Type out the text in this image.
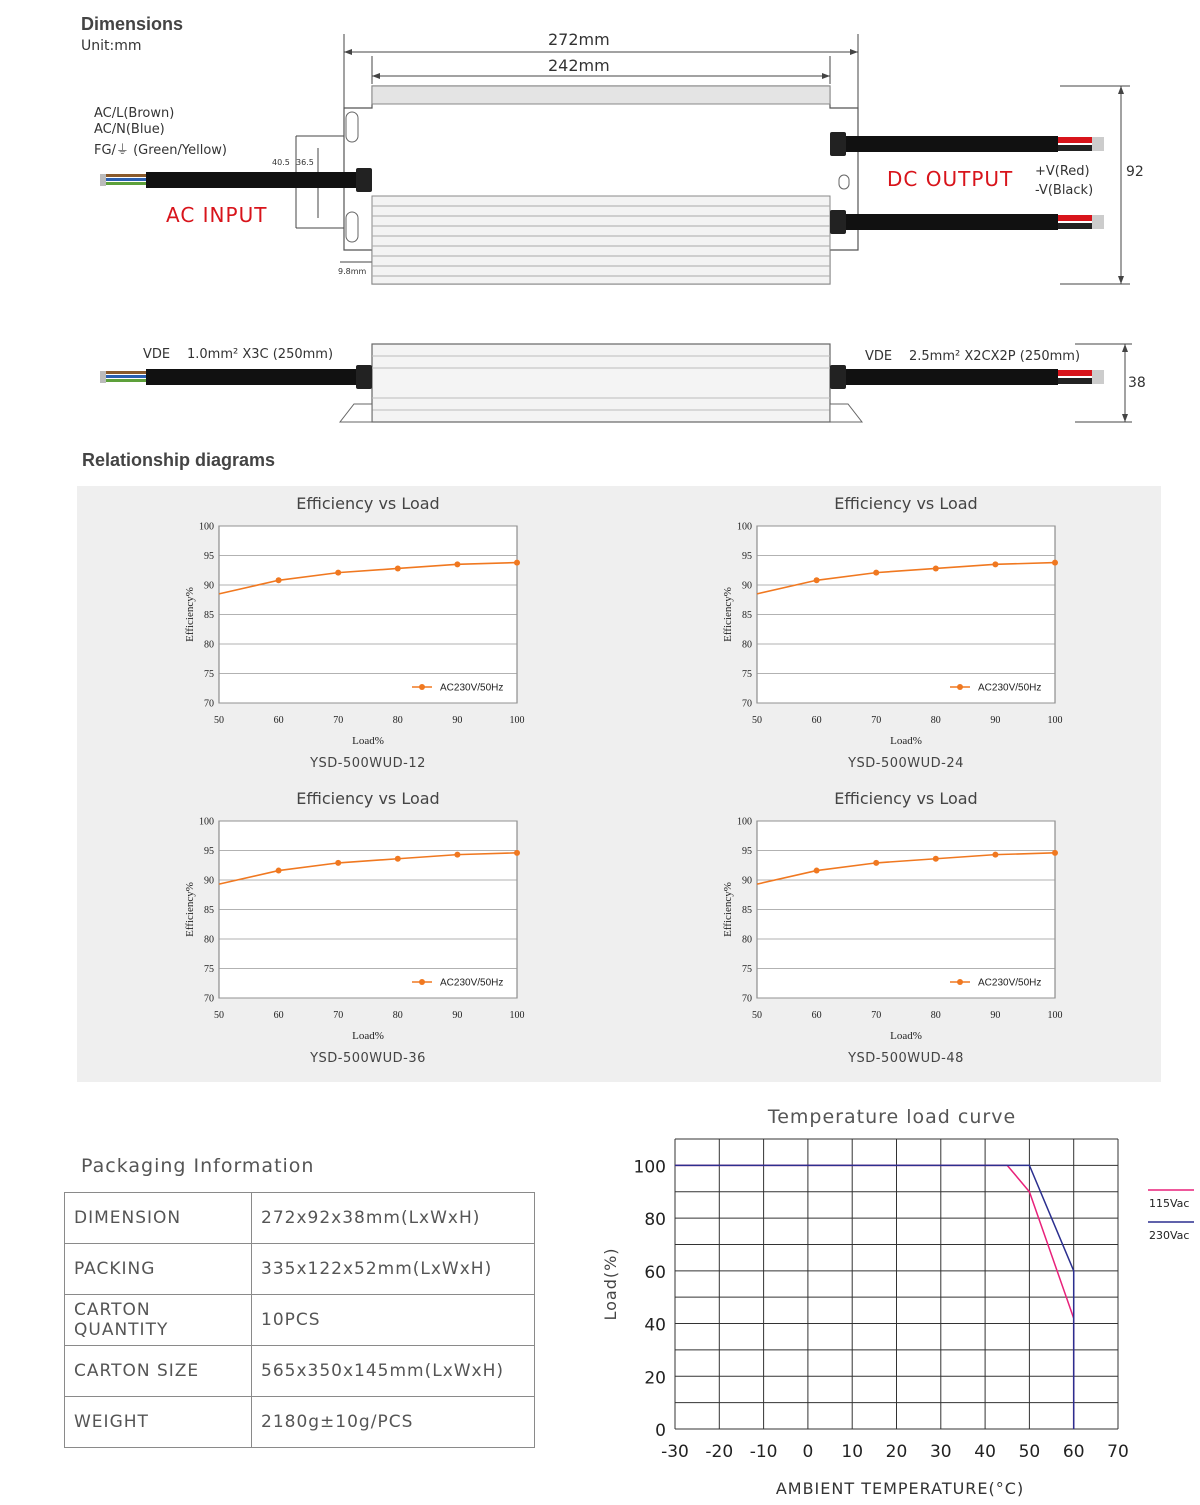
Dimensions
Unit:mm
AC/L(Brown)
AC/N(Blue)
FG/⏚ (Green/Yellow)
AC INPUT
DC OUTPUT +V(Red)
-V(Black)
272mm
242mm
92
38
40.5 36.5
9.8mm
VDE 1.0mm² X3C (250mm)	VDE 2.5mm² X2CX2P (250mm)
Relationship diagrams
Efficiency vs Load
70
75
80
85
90
95
100
50	60	70	80	90	100
Load%
Efficiency%
AC230V/50Hz
YSD-500WUD-12
Efficiency vs Load
70
75
80
85
90
95
100
50	60	70	80	90	100
Load%
Efficiency%
AC230V/50Hz
YSD-500WUD-24
Efficiency vs Load
70
75
80
85
90
95
100
50	60	70	80	90	100
Load%
Efficiency%
AC230V/50Hz
YSD-500WUD-36
Efficiency vs Load
70
75
80
85
90
95
100
50	60	70	80	90	100
Load%
Efficiency%
AC230V/50Hz
YSD-500WUD-48
Packaging Information
DIMENSION	272x92x38mm(LxWxH)
PACKING	335x122x52mm(LxWxH)
CARTON QUANTITY	10PCS
CARTON SIZE	565x350x145mm(LxWxH)
WEIGHT	2180g±10g/PCS
Temperature load curve
0
20
40
60
80
100
-30 -20 -10 0 10 20 30 40 50 60 70
AMBIENT TEMPERATURE(°C)
Load(%)
115Vac
230Vac
